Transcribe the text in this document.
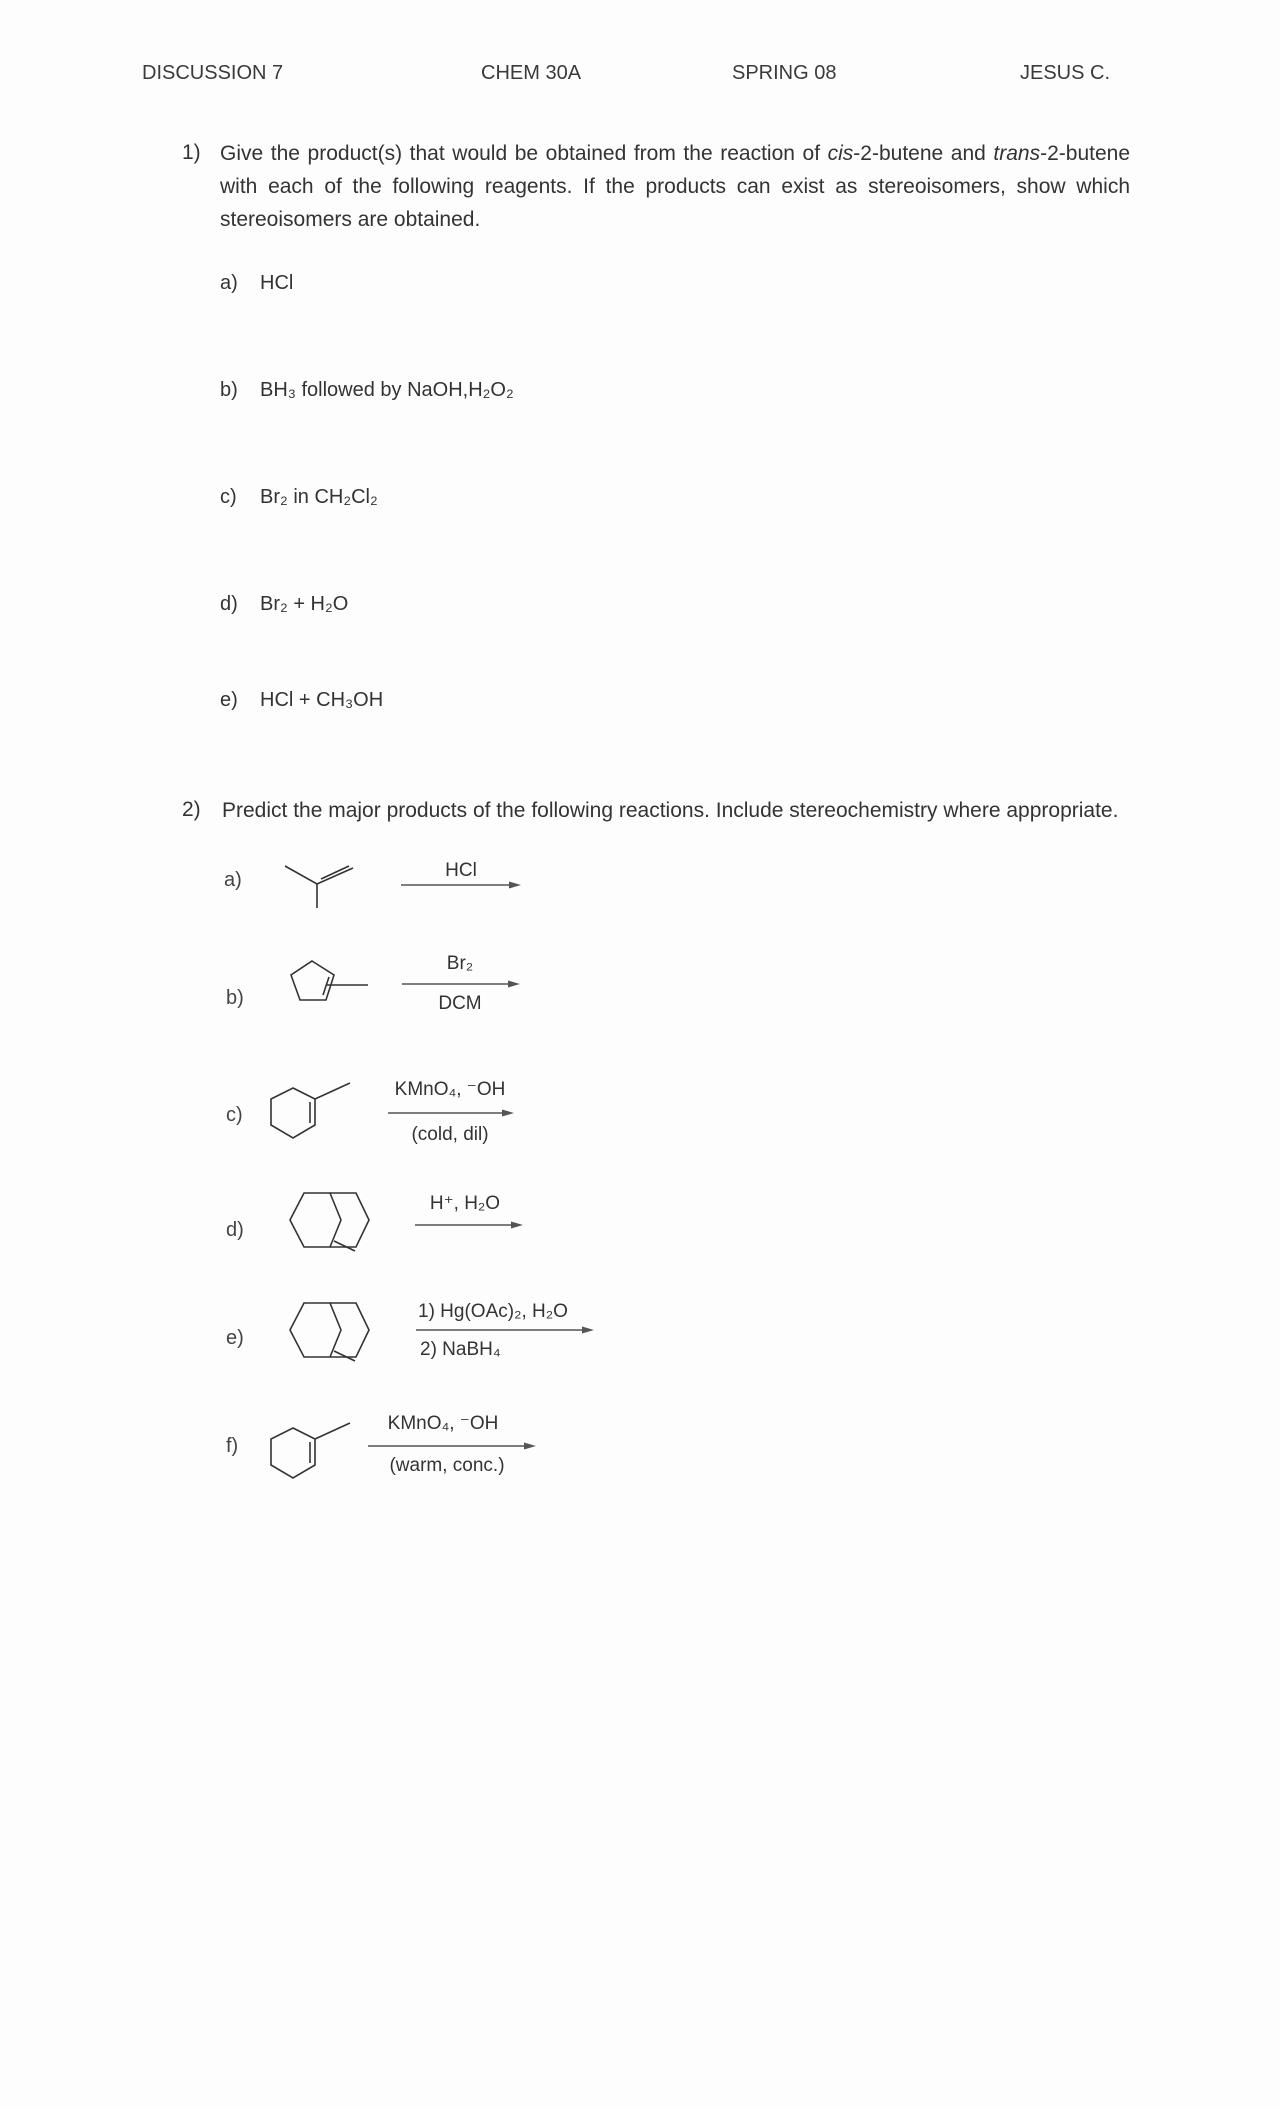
DISCUSSION 7	CHEM 30A	SPRING 08	JESUS C.
1) Give the product(s) that would be obtained from the reaction of cis-2-butene and trans-2-butene with each of the following reagents. If the products can exist as stereoisomers, show which stereoisomers are obtained.
a) HCl
b) BH₃ followed by NaOH,H₂O₂
c) Br₂ in CH₂Cl₂
d) Br₂ + H₂O
e) HCl + CH₃OH
2) Predict the major products of the following reactions. Include stereochemistry where appropriate.
a)	HCl
b)
Br₂
DCM
c)
KMnO₄, ⁻OH
(cold, dil)
d)
H⁺, H₂O
e)
1) Hg(OAc)₂, H₂O
2) NaBH₄
f)
KMnO₄, ⁻OH
(warm, conc.)
